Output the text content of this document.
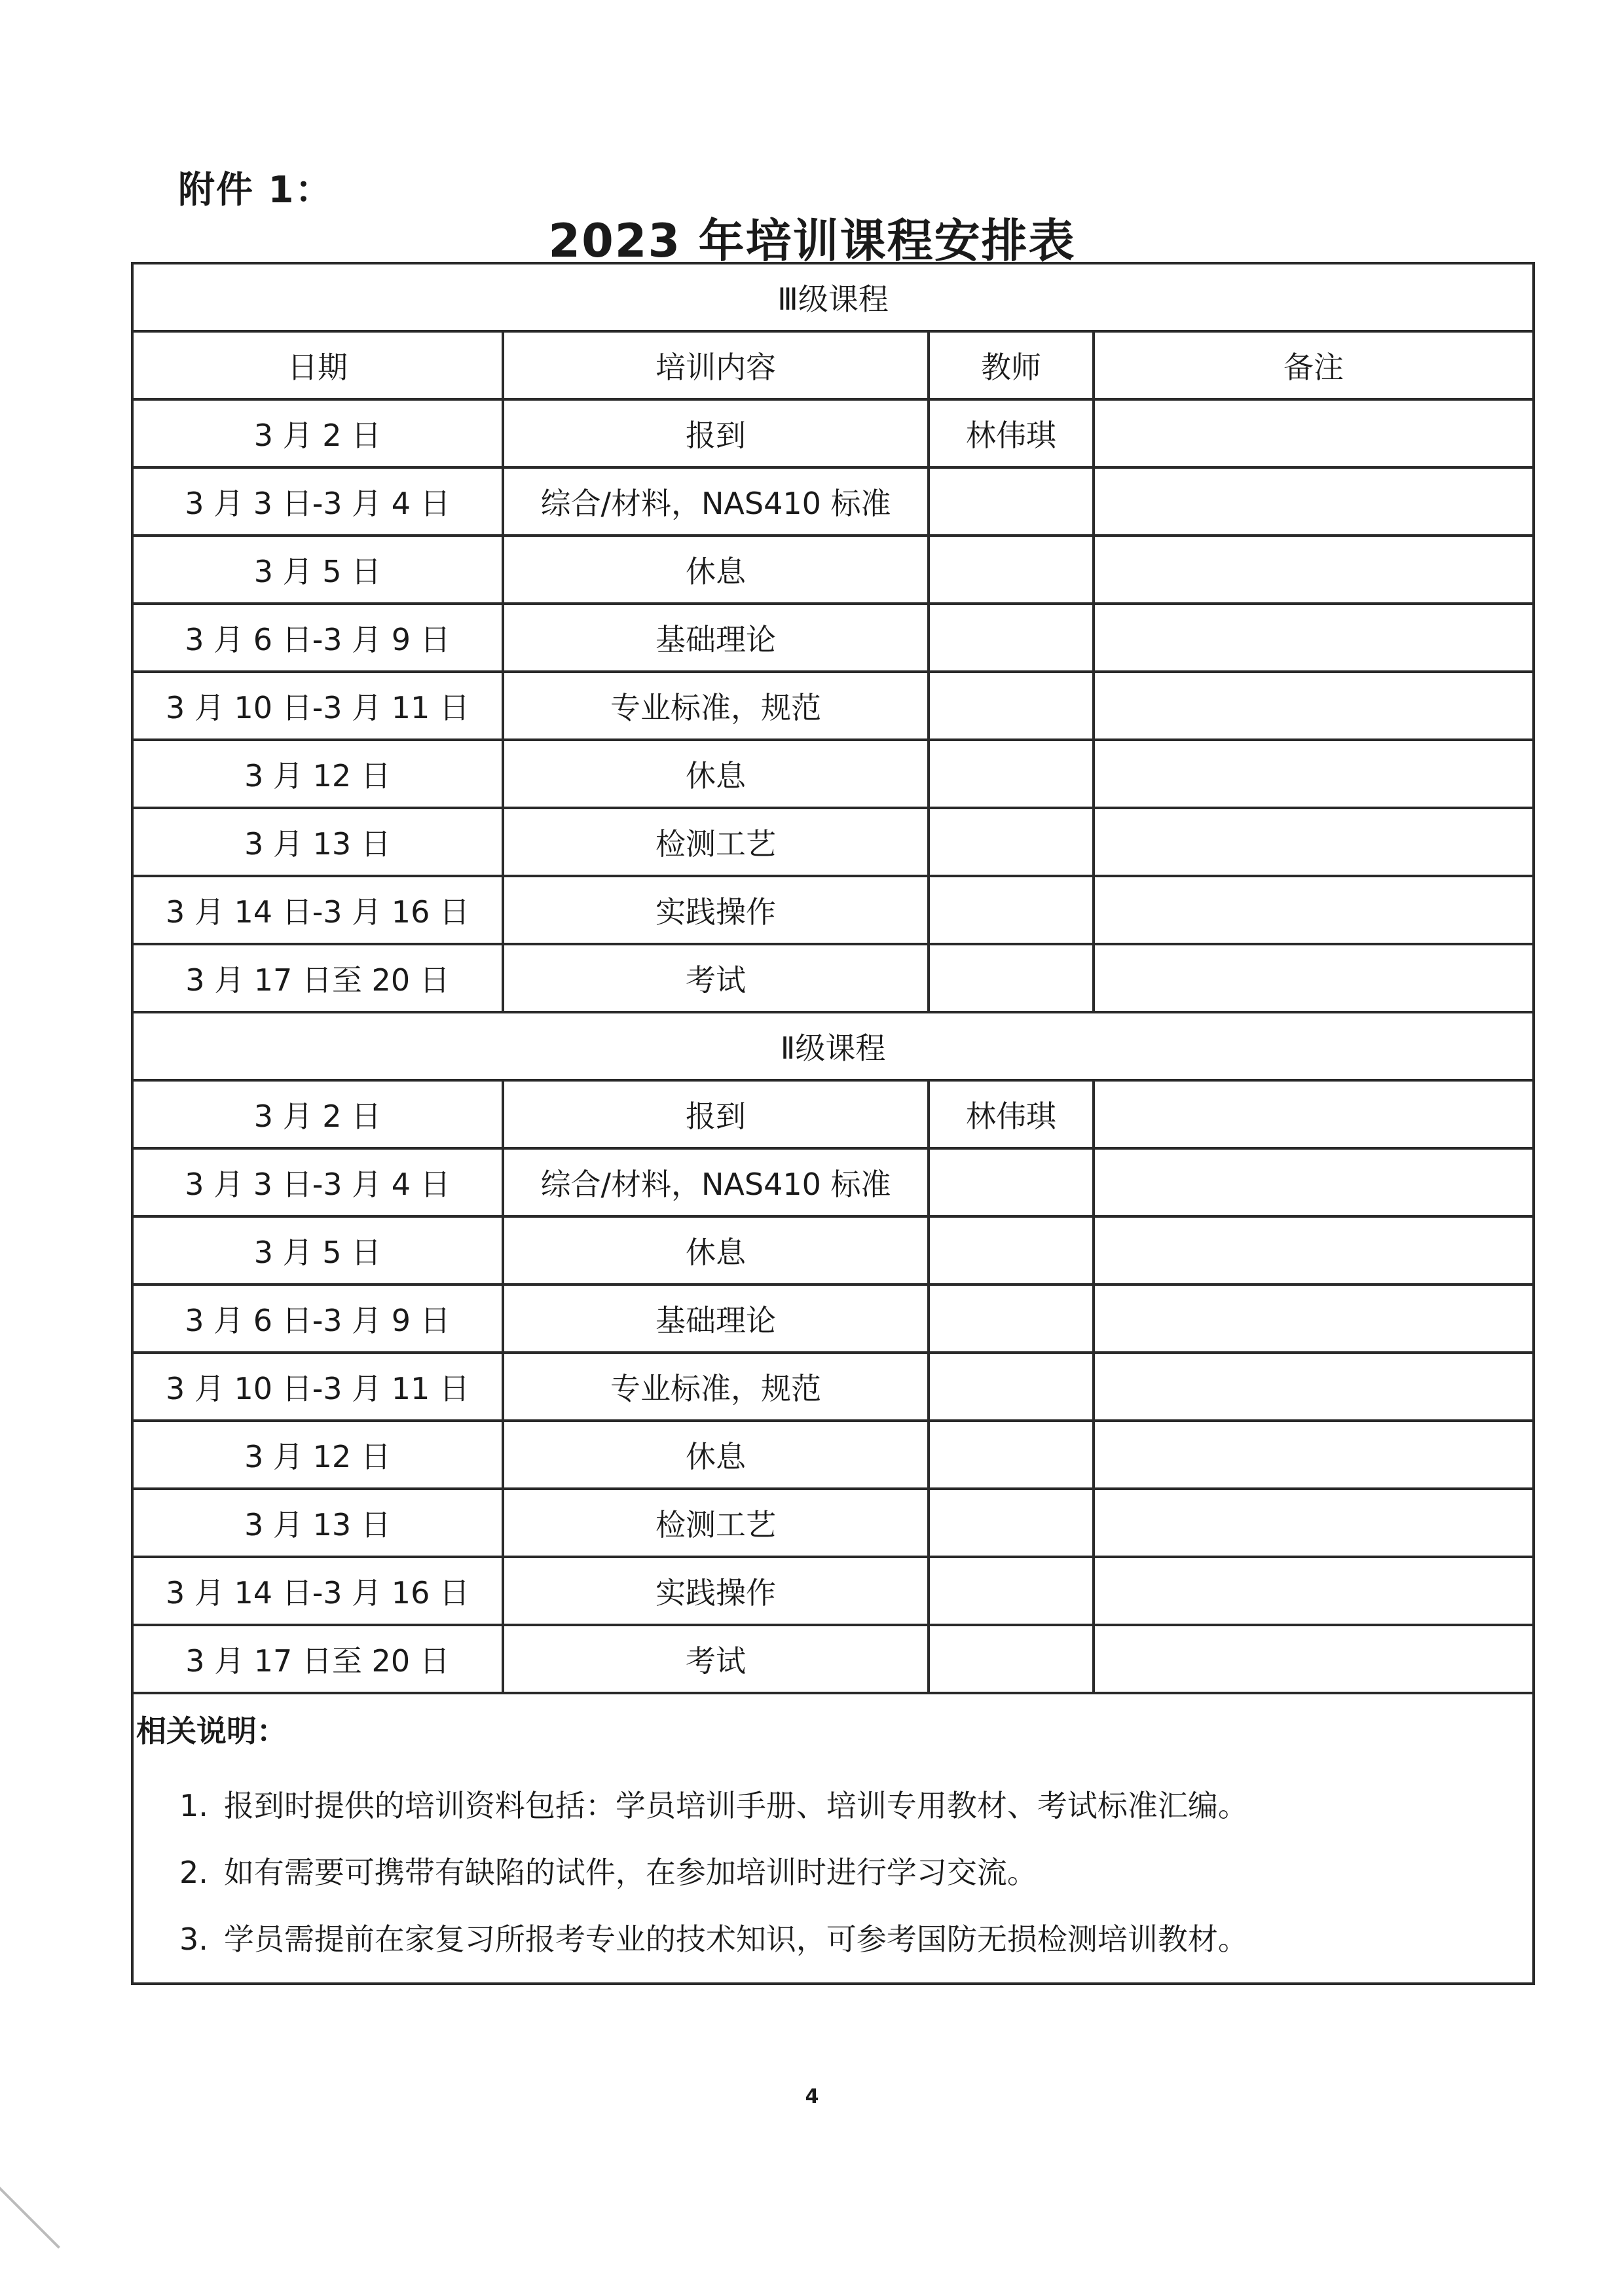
附件 1：
2023 年培训课程安排表
Ⅲ级课程			
日期	培训内容	教师	备注
3 月 2 日	报到	林伟琪	
3 月 3 日-3 月 4 日	综合/材料，NAS410 标准		
3 月 5 日	休息		
3 月 6 日-3 月 9 日	基础理论		
3 月 10 日-3 月 11 日	专业标准，规范		
3 月 12 日	休息		
3 月 13 日	检测工艺		
3 月 14 日-3 月 16 日	实践操作		
3 月 17 日至 20 日	考试		
Ⅱ级课程			
3 月 2 日	报到	林伟琪	
3 月 3 日-3 月 4 日	综合/材料，NAS410 标准		
3 月 5 日	休息		
3 月 6 日-3 月 9 日	基础理论		
3 月 10 日-3 月 11 日	专业标准，规范		
3 月 12 日	休息		
3 月 13 日	检测工艺		
3 月 14 日-3 月 16 日	实践操作		
3 月 17 日至 20 日	考试		

相关说明：
1. 报到时提供的培训资料包括：学员培训手册、培训专用教材、考试标准汇编。
2. 如有需要可携带有缺陷的试件，在参加培训时进行学习交流。
3. 学员需提前在家复习所报考专业的技术知识，可参考国防无损检测培训教材。			
4
